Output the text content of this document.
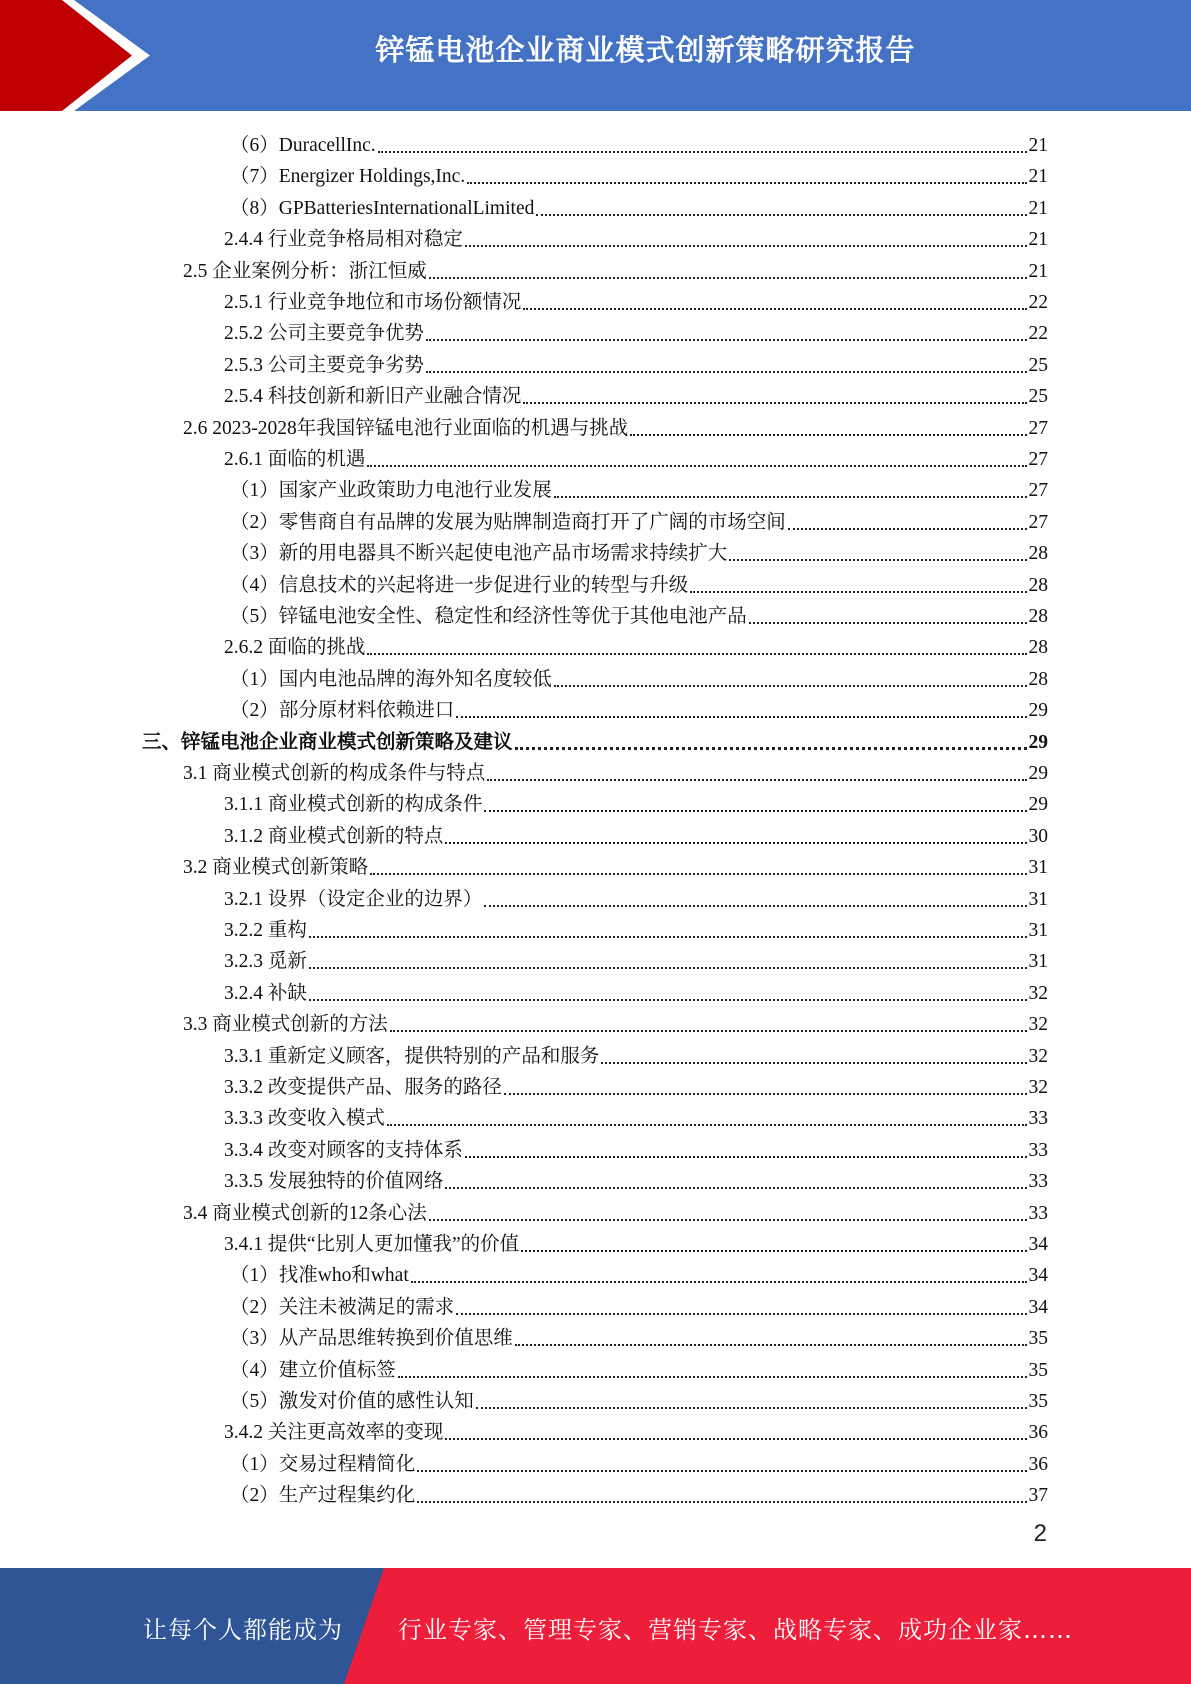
锌锰电池企业商业模式创新策略研究报告
（6）DuracellInc.	21
（7）Energizer Holdings,Inc.	21
（8）GPBatteriesInternationalLimited	21
2.4.4 行业竞争格局相对稳定	21
2.5 企业案例分析：浙江恒威	21
2.5.1 行业竞争地位和市场份额情况	22
2.5.2 公司主要竞争优势	22
2.5.3 公司主要竞争劣势	25
2.5.4 科技创新和新旧产业融合情况	25
2.6 2023-2028年我国锌锰电池行业面临的机遇与挑战	27
2.6.1 面临的机遇	27
（1）国家产业政策助力电池行业发展	27
（2）零售商自有品牌的发展为贴牌制造商打开了广阔的市场空间	27
（3）新的用电器具不断兴起使电池产品市场需求持续扩大	28
（4）信息技术的兴起将进一步促进行业的转型与升级	28
（5）锌锰电池安全性、稳定性和经济性等优于其他电池产品	28
2.6.2 面临的挑战	28
（1）国内电池品牌的海外知名度较低	28
（2）部分原材料依赖进口	29
三、锌锰电池企业商业模式创新策略及建议	29
3.1 商业模式创新的构成条件与特点	29
3.1.1 商业模式创新的构成条件	29
3.1.2 商业模式创新的特点	30
3.2 商业模式创新策略	31
3.2.1 设界（设定企业的边界）	31
3.2.2 重构	31
3.2.3 觅新	31
3.2.4 补缺	32
3.3 商业模式创新的方法	32
3.3.1 重新定义顾客，提供特别的产品和服务	32
3.3.2 改变提供产品、服务的路径	32
3.3.3 改变收入模式	33
3.3.4 改变对顾客的支持体系	33
3.3.5 发展独特的价值网络	33
3.4 商业模式创新的12条心法	33
3.4.1 提供“比别人更加懂我”的价值	34
（1）找准who和what	34
（2）关注未被满足的需求	34
（3）从产品思维转换到价值思维	35
（4）建立价值标签	35
（5）激发对价值的感性认知	35
3.4.2 关注更高效率的变现	36
（1）交易过程精简化	36
（2）生产过程集约化	37
2
让每个人都能成为 行业专家、管理专家、营销专家、战略专家、成功企业家……
